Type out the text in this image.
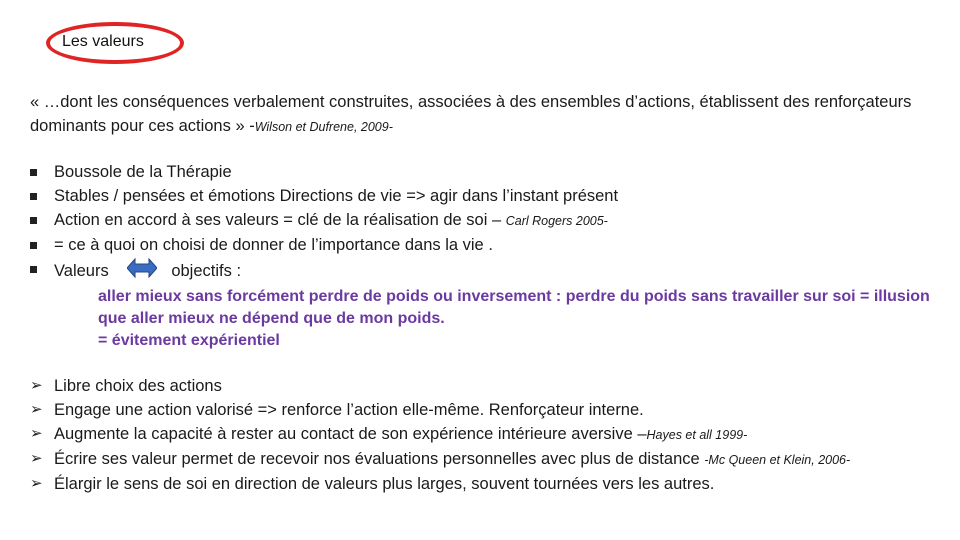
Les valeurs
« …dont les conséquences verbalement construites, associées à des ensembles d’actions, établissent des renforçateurs dominants pour ces actions » -Wilson et Dufrene, 2009-
Boussole de la Thérapie
Stables / pensées et émotions Directions de vie => agir dans l’instant présent
Action en accord à ses valeurs = clé de la réalisation de soi – Carl Rogers 2005-
= ce à quoi on choisi de donner de l’importance dans la vie .
Valeurs	objectifs :
aller mieux sans forcément perdre de poids ou inversement : perdre du poids sans travailler sur soi = illusion que aller mieux ne dépend que de mon poids.
= évitement expérientiel
➢ Libre choix des actions
➢ Engage une action valorisé => renforce l’action elle-même. Renforçateur interne.
➢ Augmente la capacité à rester au contact de son expérience intérieure aversive –Hayes et all 1999-
➢ Écrire ses valeur permet de recevoir nos évaluations personnelles avec plus de distance -Mc Queen et Klein, 2006-
➢ Élargir le sens de soi en direction de valeurs plus larges, souvent tournées vers les autres.
